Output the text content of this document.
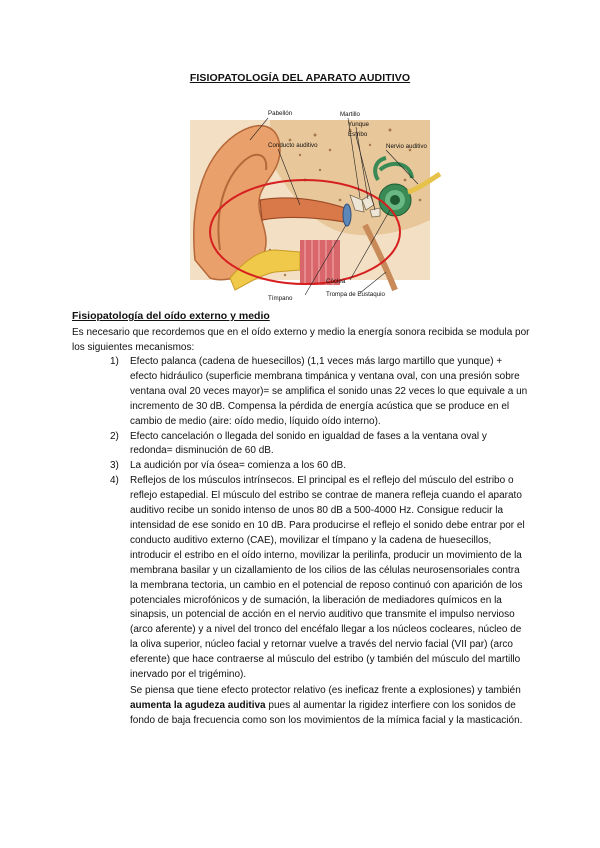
FISIOPATOLOGÍA DEL APARATO AUDITIVO
Pabellón
Conducto auditivo
Martillo
Yunque
Estribo
Nervio auditivo
Tímpano
Cóclea
Trompa de Eustaquio
Fisiopatología del oído externo y medio
Es necesario que recordemos que en el oído externo y medio la energía sonora recibida se modula por los siguientes mecanismos:
1) Efecto palanca (cadena de huesecillos) (1,1 veces más largo martillo que yunque) + efecto hidráulico (superficie membrana timpánica y ventana oval, con una presión sobre ventana oval 20 veces mayor)= se amplifica el sonido unas 22 veces lo que equivale a un incremento de 30 dB. Compensa la pérdida de energía acústica que se produce en el cambio de medio (aire: oído medio, líquido oído interno).
2) Efecto cancelación o llegada del sonido en igualdad de fases a la ventana oval y redonda= disminución de 60 dB.
3) La audición por vía ósea= comienza a los 60 dB.
4) Reflejos de los músculos intrínsecos. El principal es el reflejo del músculo del estribo o reflejo estapedial. El músculo del estribo se contrae de manera refleja cuando el aparato auditivo recibe un sonido intenso de unos 80 dB a 500-4000 Hz. Consigue reducir la intensidad de ese sonido en 10 dB. Para producirse el reflejo el sonido debe entrar por el conducto auditivo externo (CAE), movilizar el tímpano y la cadena de huesecillos, introducir el estribo en el oído interno, movilizar la perilinfa, producir un movimiento de la membrana basilar y un cizallamiento de los cilios de las células neurosensoriales contra la membrana tectoria, un cambio en el potencial de reposo continuó con aparición de los potenciales microfónicos y de sumación, la liberación de mediadores químicos en la sinapsis, un potencial de acción en el nervio auditivo que transmite el impulso nervioso (arco aferente) y a nivel del tronco del encéfalo llegar a los núcleos cocleares, núcleo de la oliva superior, núcleo facial y retornar vuelve a través del nervio facial (VII par) (arco eferente) que hace contraerse al músculo del estribo (y también del músculo del martillo inervado por el trigémino).
Se piensa que tiene efecto protector relativo (es ineficaz frente a explosiones) y también aumenta la agudeza auditiva pues al aumentar la rigidez interfiere con los sonidos de fondo de baja frecuencia como son los movimientos de la mímica facial y la masticación.
